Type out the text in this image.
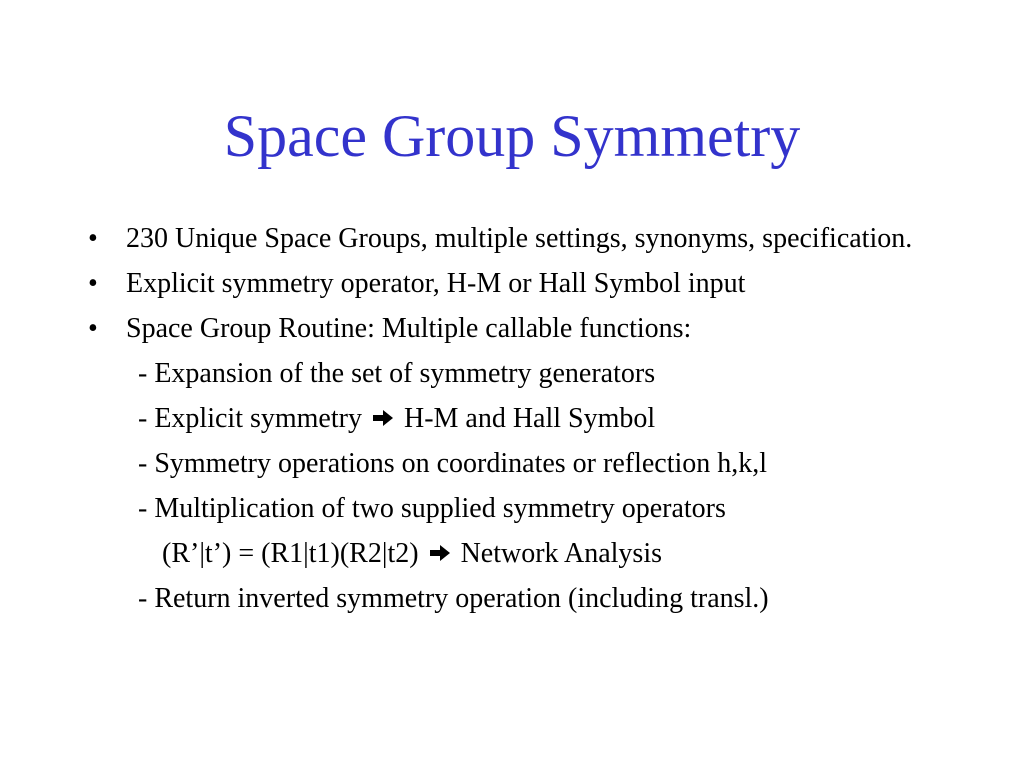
Space Group Symmetry
• 230 Unique Space Groups, multiple settings, synonyms, specification.
• Explicit symmetry operator, H-M or Hall Symbol input
• Space Group Routine: Multiple callable functions:
- Expansion of the set of symmetry generators
- Explicit symmetry H-M and Hall Symbol
- Symmetry operations on coordinates or reflection h,k,l
- Multiplication of two supplied symmetry operators
(R’|t’) = (R1|t1)(R2|t2) Network Analysis
- Return inverted symmetry operation (including transl.)
